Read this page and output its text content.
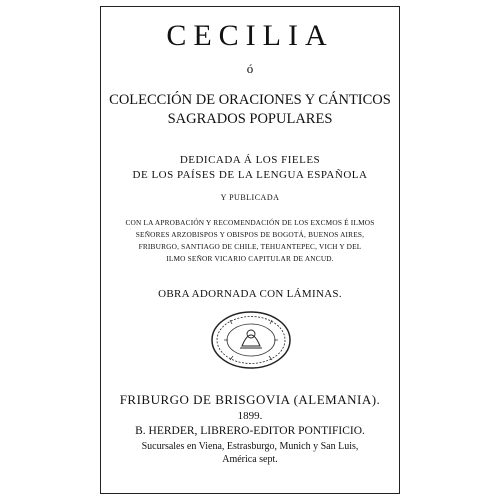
CECILIA
ó
COLECCIÓN DE ORACIONES Y CÁNTICOS
SAGRADOS POPULARES
DEDICADA Á LOS FIELES
DE LOS PAÍSES DE LA LENGUA ESPAÑOLA
Y PUBLICADA
CON LA APROBACIÓN Y RECOMENDACIÓN DE LOS EXCMOS É ILMOS
SEÑORES ARZOBISPOS Y OBISPOS DE BOGOTÁ, BUENOS AIRES,
FRIBURGO, SANTIAGO DE CHILE, TEHUANTEPEC, VICH Y DEL
ILMO SEÑOR VICARIO CAPITULAR DE ANCUD.
OBRA ADORNADA CON LÁMINAS.
FRIBURGO DE BRISGOVIA (ALEMANIA).
1899.
B. HERDER, LIBRERO-EDITOR PONTIFICIO.
Sucursales en Viena, Estrasburgo, Munich y San Luis,
América sept.
